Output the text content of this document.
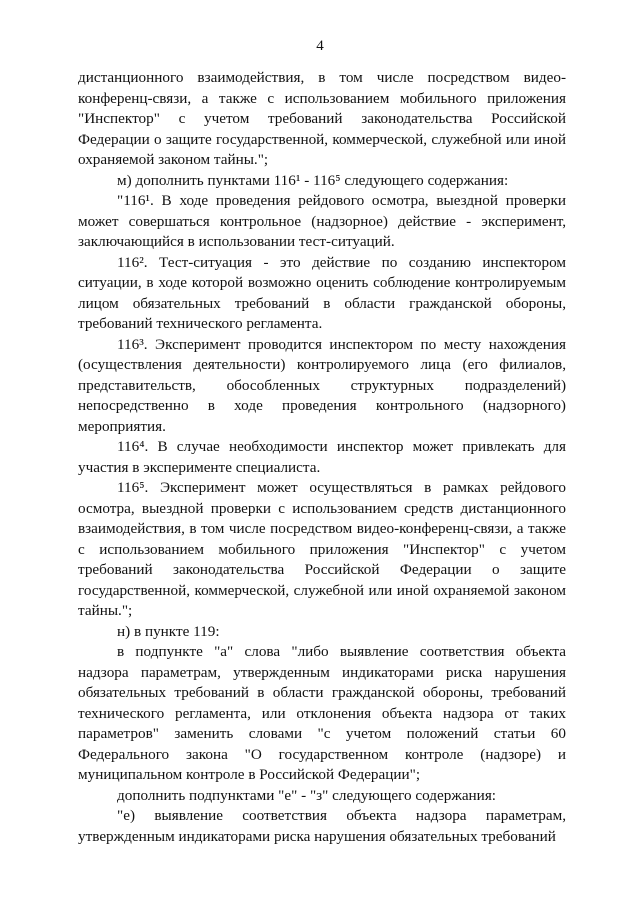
4

дистанционного взаимодействия, в том числе посредством видео-конференц-связи, а также с использованием мобильного приложения "Инспектор" с учетом требований законодательства Российской Федерации о защите государственной, коммерческой, служебной или иной охраняемой законом тайны.";

м) дополнить пунктами 116¹ - 116⁵ следующего содержания:

"116¹. В ходе проведения рейдового осмотра, выездной проверки может совершаться контрольное (надзорное) действие - эксперимент, заключающийся в использовании тест-ситуаций.

116². Тест-ситуация - это действие по созданию инспектором ситуации, в ходе которой возможно оценить соблюдение контролируемым лицом обязательных требований в области гражданской обороны, требований технического регламента.

116³. Эксперимент проводится инспектором по месту нахождения (осуществления деятельности) контролируемого лица (его филиалов, представительств, обособленных структурных подразделений) непосредственно в ходе проведения контрольного (надзорного) мероприятия.

116⁴. В случае необходимости инспектор может привлекать для участия в эксперименте специалиста.

116⁵. Эксперимент может осуществляться в рамках рейдового осмотра, выездной проверки с использованием средств дистанционного взаимодействия, в том числе посредством видео-конференц-связи, а также с использованием мобильного приложения "Инспектор" с учетом требований законодательства Российской Федерации о защите государственной, коммерческой, служебной или иной охраняемой законом тайны.";

н) в пункте 119:

в подпункте "а" слова "либо выявление соответствия объекта надзора параметрам, утвержденным индикаторами риска нарушения обязательных требований в области гражданской обороны, требований технического регламента, или отклонения объекта надзора от таких параметров" заменить словами "с учетом положений статьи 60 Федерального закона "О государственном контроле (надзоре) и муниципальном контроле в Российской Федерации";

дополнить подпунктами "е" - "з" следующего содержания:

"е) выявление соответствия объекта надзора параметрам, утвержденным индикаторами риска нарушения обязательных требований
